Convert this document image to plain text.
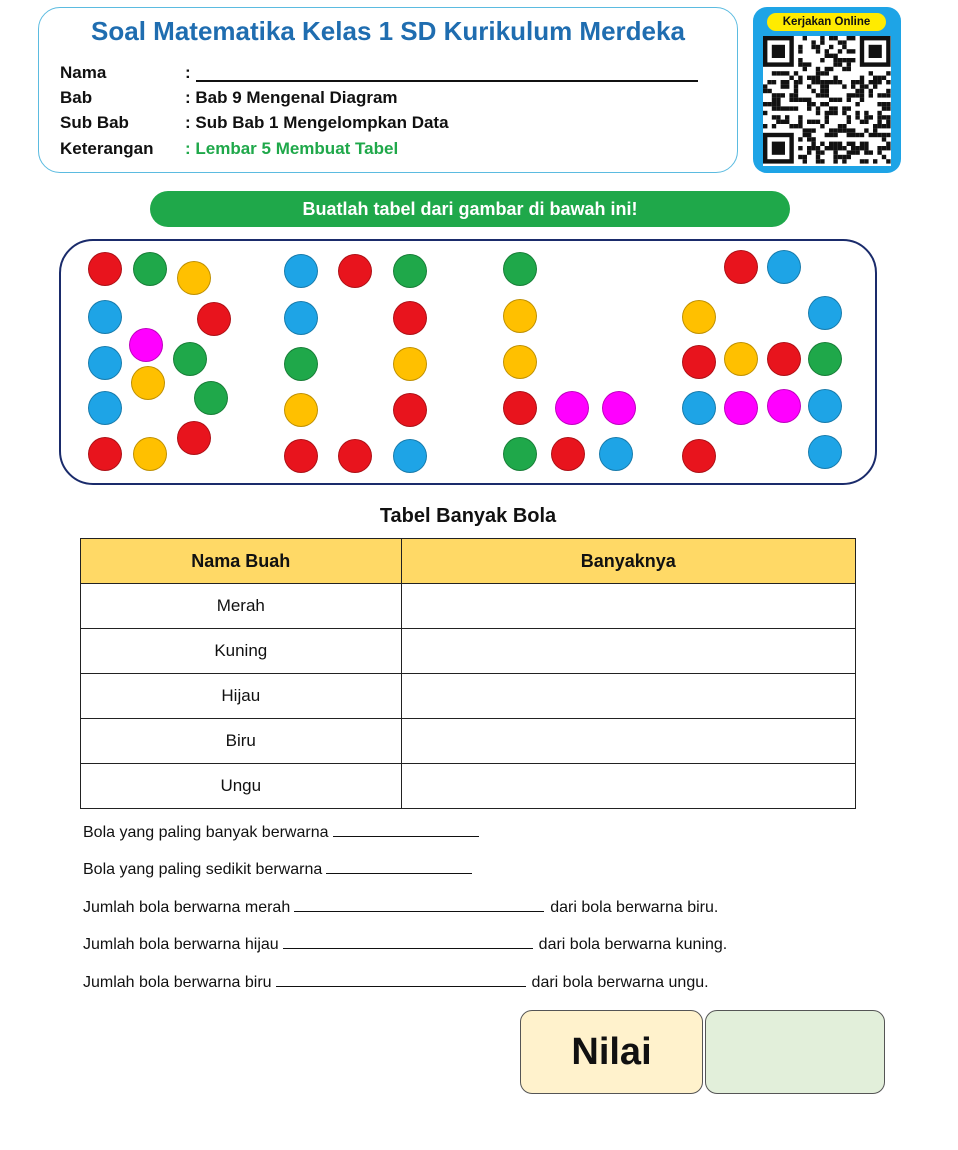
Soal Matematika Kelas 1 SD Kurikulum Merdeka
Nama	:
Bab	: Bab 9 Mengenal Diagram
Sub Bab	: Sub Bab 1 Mengelompkan Data
Keterangan : Lembar 5 Membuat Tabel
Kerjakan Online
Buatlah tabel dari gambar di bawah ini!
Tabel Banyak Bola
Nama Buah	Banyaknya
Merah	
Kuning	
Hijau	
Biru	
Ungu	
Bola yang paling banyak berwarna
Bola yang paling sedikit berwarna
Jumlah bola berwarna merah	dari bola berwarna biru.
Jumlah bola berwarna hijau	dari bola berwarna kuning.
Jumlah bola berwarna biru	dari bola berwarna ungu.
Nilai
